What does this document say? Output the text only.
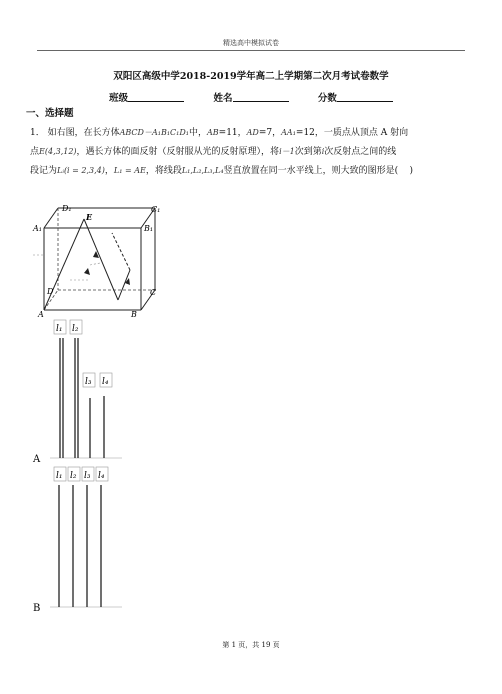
精选高中模拟试卷
双阳区高级中学2018-2019学年高二上学期第二次月考试卷数学
班级	姓名	分数
一、选择题
1． 如右图，在长方体ABCD－A₁B₁C₁D₁中，AB=11，AD=7，AA₁=12，一质点从顶点 A 射向
点E(4,3,12)，遇长方体的面反射（反射服从光的反射原理），将i－1次到第i次反射点之间的线
段记为Lᵢ(i = 2,3,4)，L₁ = AE，将线段L₁,L₂,L₃,L₄竖直放置在同一水平线上，则大致的图形是( )
D₁	C₁
A₁	B₁
E
D	C
A	B
l₁ l₂
l₃ l₄
A
l₁ l₂ l₃ l₄
B
第 1 页，共 19 页
